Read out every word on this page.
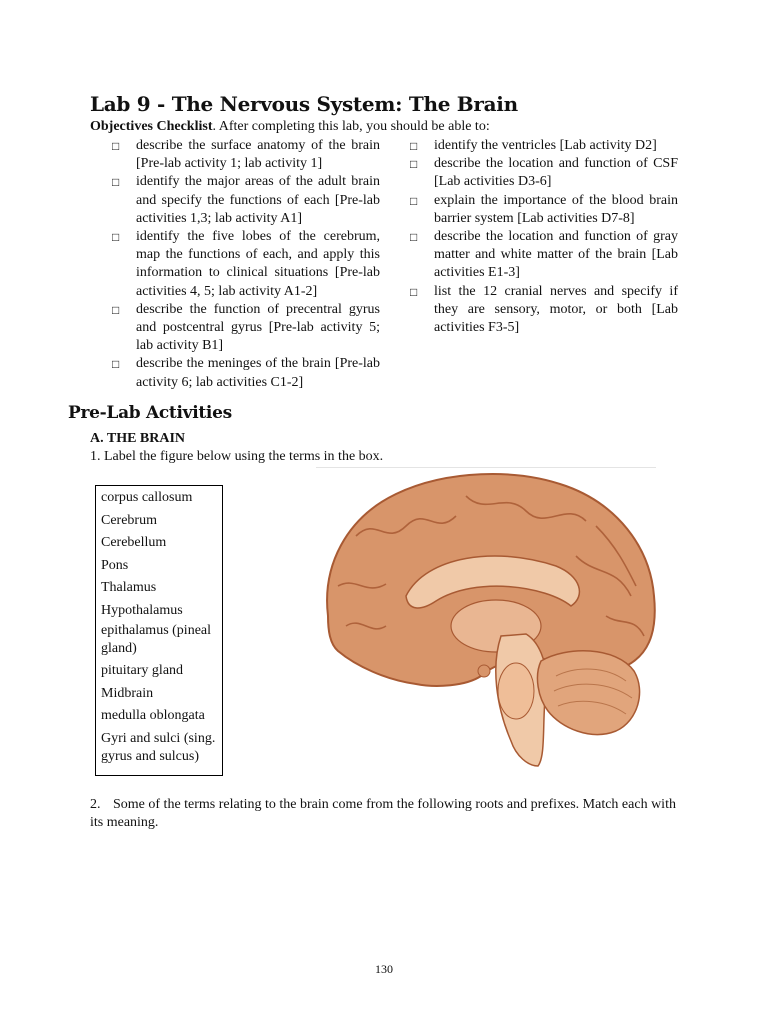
Lab 9 - The Nervous System: The Brain
Objectives Checklist. After completing this lab, you should be able to:
□	describe the surface anatomy of the brain [Pre-lab activity 1; lab activity 1]
□	identify the major areas of the adult brain and specify the functions of each [Pre-lab activities 1,3; lab activity A1]
□	identify the five lobes of the cerebrum, map the functions of each, and apply this information to clinical situations [Pre-lab activities 4, 5; lab activity A1-2]
□	describe the function of precentral gyrus and postcentral gyrus [Pre-lab activity 5; lab activity B1]
□	describe the meninges of the brain [Pre-lab activity 6; lab activities C1-2]
□	identify the ventricles [Lab activity D2]
□	describe the location and function of CSF [Lab activities D3-6]
□	explain the importance of the blood brain barrier system [Lab activities D7-8]
□	describe the location and function of gray matter and white matter of the brain [Lab activities E1-3]
□	list the 12 cranial nerves and specify if they are sensory, motor, or both [Lab activities F3-5]
Pre-Lab Activities
A. THE BRAIN
1. Label the figure below using the terms in the box.
corpus callosum
Cerebrum
Cerebellum
Pons
Thalamus
Hypothalamus
epithalamus (pineal gland)
pituitary gland
Midbrain
medulla oblongata
Gyri and sulci (sing. gyrus and sulcus)
2. Some of the terms relating to the brain come from the following roots and prefixes. Match each with its meaning.
130
